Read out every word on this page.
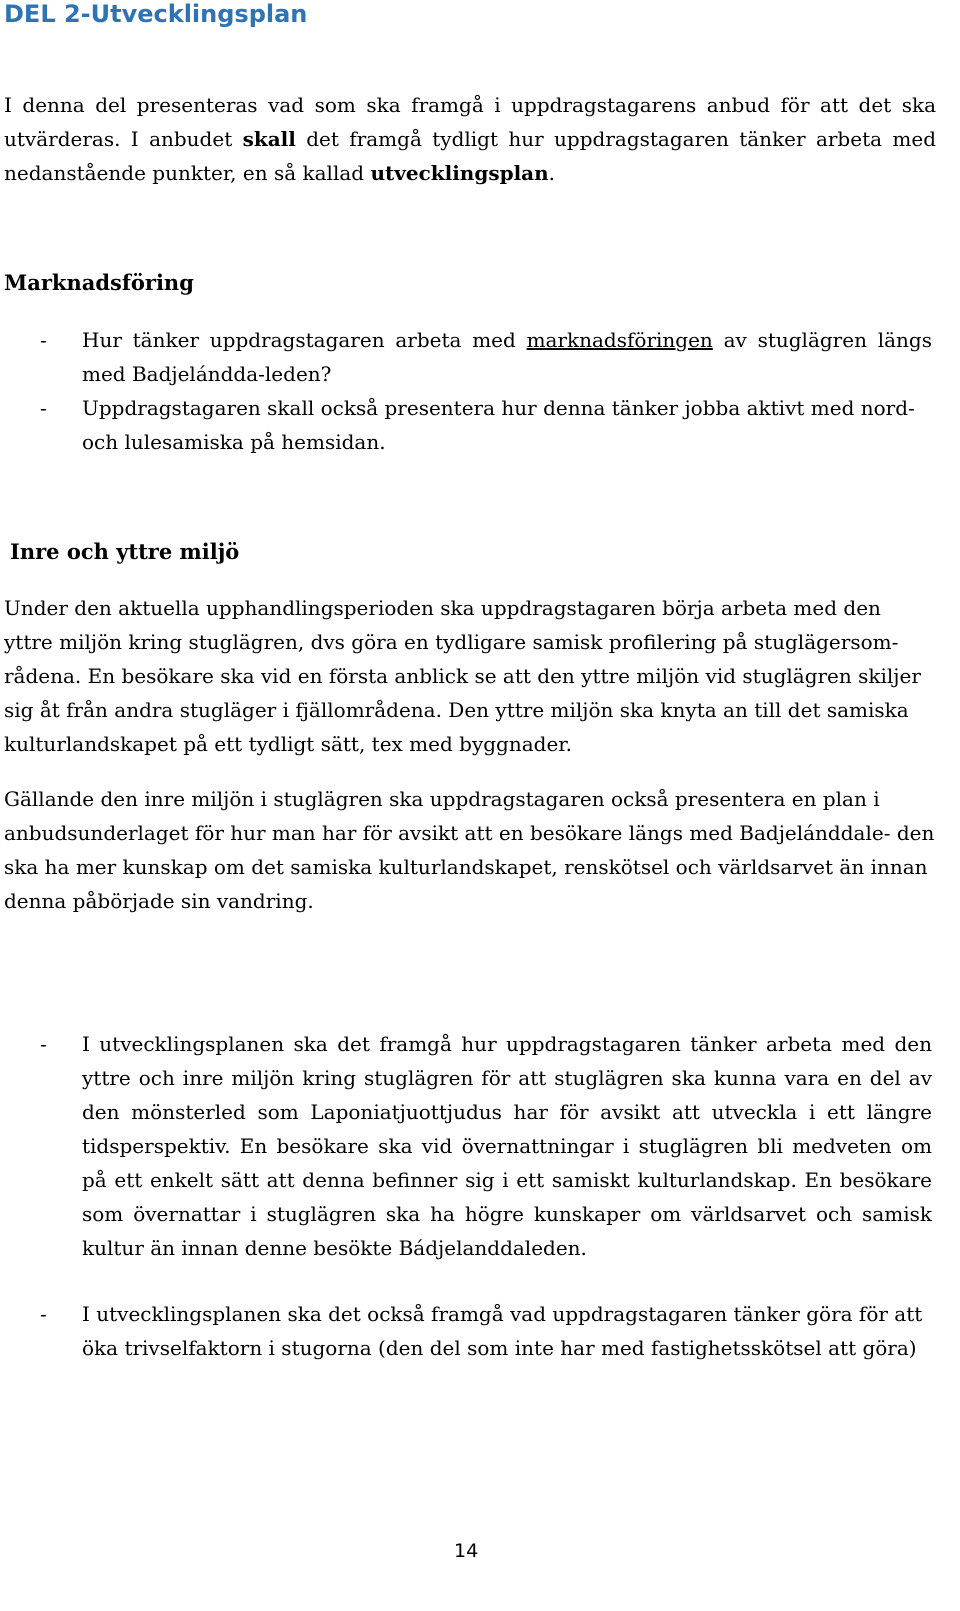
DEL 2-Utvecklingsplan

I denna del presenteras vad som ska framgå i uppdragstagarens anbud för att det ska utvärderas. I anbudet skall det framgå tydligt hur uppdragstagaren tänker arbeta med nedanstående punkter, en så kallad utvecklingsplan.

Marknadsföring
- Hur tänker uppdragstagaren arbeta med marknadsföringen av stuglägren längs med Badjelándda-leden?

- Uppdragstagaren skall också presentera hur denna tänker jobba aktivt med nord- och lulesamiska på hemsidan.

Inre och yttre miljö

Under den aktuella upphandlingsperioden ska uppdragstagaren börja arbeta med den yttre miljön kring stuglägren, dvs göra en tydligare samisk profilering på stuglägersom- rådena. En besökare ska vid en första anblick se att den yttre miljön vid stuglägren skiljer sig åt från andra stugläger i fjällområdena. Den yttre miljön ska knyta an till det samiska kulturlandskapet på ett tydligt sätt, tex med byggnader.

Gällande den inre miljön i stuglägren ska uppdragstagaren också presentera en plan i anbudsunderlaget för hur man har för avsikt att en besökare längs med Badjelánddale- den ska ha mer kunskap om det samiska kulturlandskapet, renskötsel och världsarvet än innan denna påbörjade sin vandring.

- I utvecklingsplanen ska det framgå hur uppdragstagaren tänker arbeta med den yttre och inre miljön kring stuglägren för att stuglägren ska kunna vara en del av den mönsterled som Laponiatjuottjudus har för avsikt att utveckla i ett längre tidsperspektiv. En besökare ska vid övernattningar i stuglägren bli medveten om på ett enkelt sätt att denna befinner sig i ett samiskt kulturlandskap. En besökare som övernattar i stuglägren ska ha högre kunskaper om världsarvet och samisk kultur än innan denne besökte Bádjelanddaleden.

- I utvecklingsplanen ska det också framgå vad uppdragstagaren tänker göra för att öka trivselfaktorn i stugorna (den del som inte har med fastighetsskötsel att göra)

14
